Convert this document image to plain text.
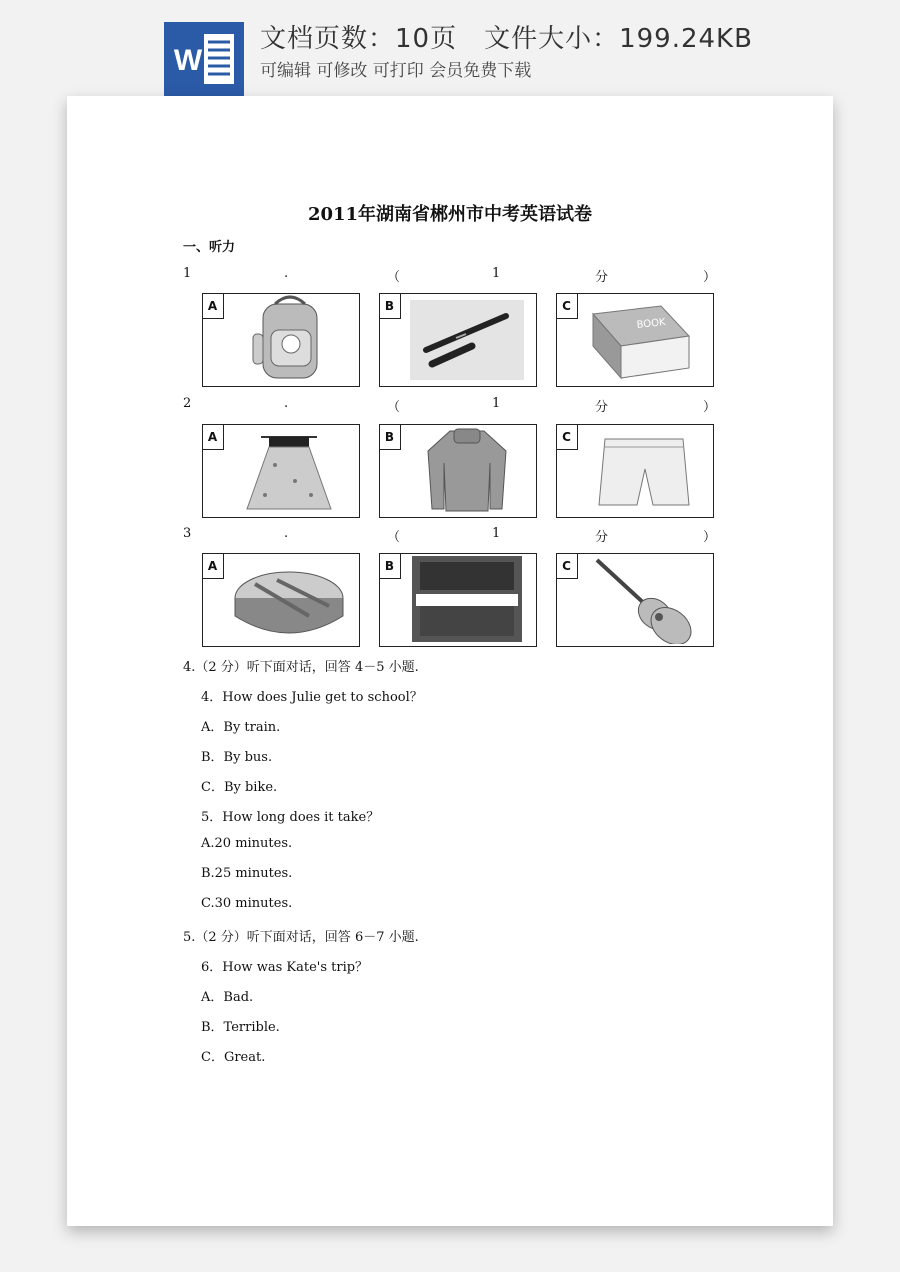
W
文档页数：10页　文件大小：199.24KB
可编辑 可修改 可打印 会员免费下载
2011年湖南省郴州市中考英语试卷
一、听力
1	.	（	1	分	）
A	B	C
BOOK
2	.	（	1	分	）
A	B	C
3	.	（	1	分	）
A	B	C
4.（2 分）听下面对话，回答 4－5 小题.
4．How does Julie get to school？
A．By train.
B．By bus.
C．By bike.
5．How long does it take？
A.20 minutes.
B.25 minutes.
C.30 minutes.
5.（2 分）听下面对话，回答 6－7 小题.
6．How was Kate's trip？
A．Bad.
B．Terrible.
C．Great.
